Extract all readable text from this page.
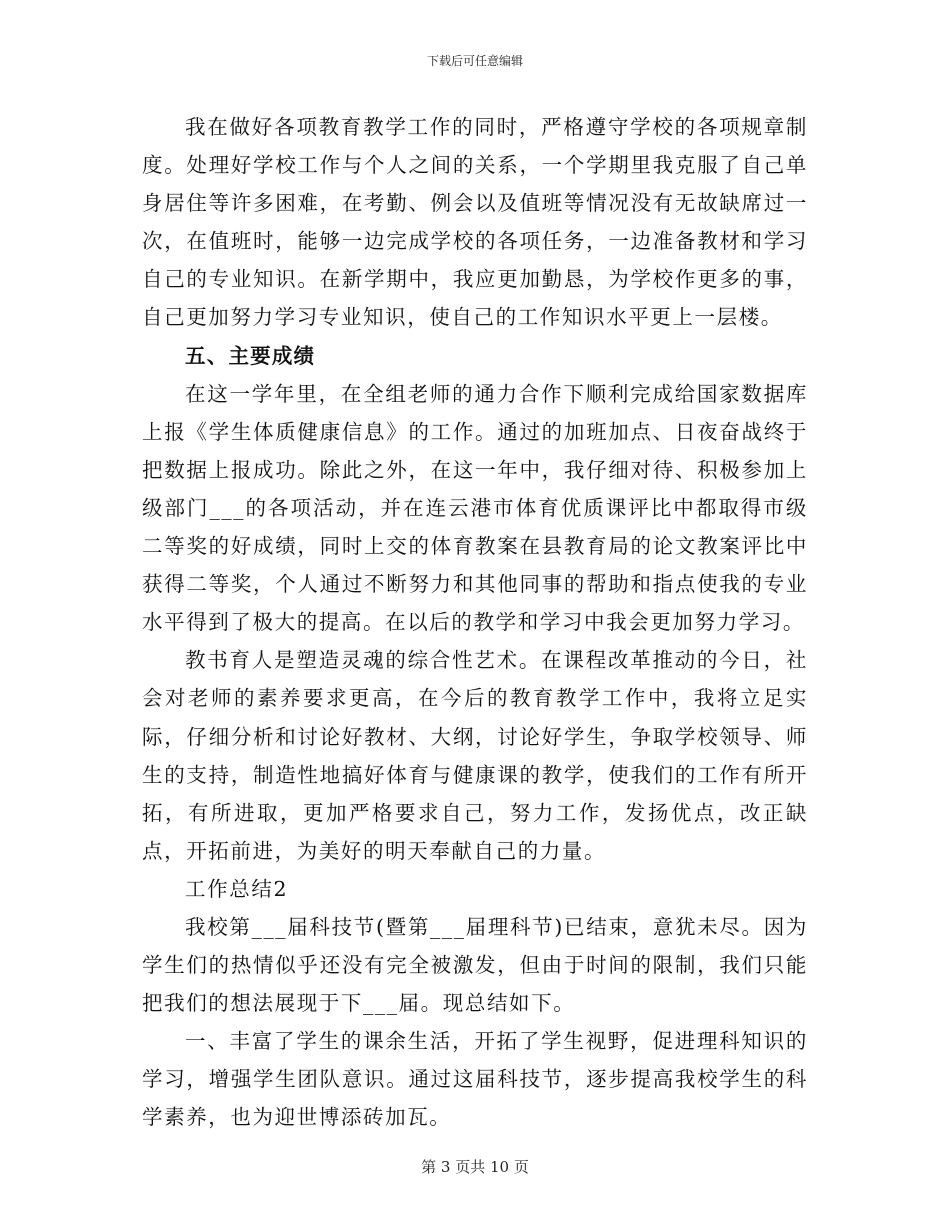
下载后可任意编辑

我在做好各项教育教学工作的同时，严格遵守学校的各项规章制度。处理好学校工作与个人之间的关系，一个学期里我克服了自己单身居住等许多困难，在考勤、例会以及值班等情况没有无故缺席过一次，在值班时，能够一边完成学校的各项任务，一边准备教材和学习自己的专业知识。在新学期中，我应更加勤恳，为学校作更多的事，自己更加努力学习专业知识，使自己的工作知识水平更上一层楼。

五、主要成绩

在这一学年里，在全组老师的通力合作下顺利完成给国家数据库上报《学生体质健康信息》的工作。通过的加班加点、日夜奋战终于把数据上报成功。除此之外，在这一年中，我仔细对待、积极参加上级部门___的各项活动，并在连云港市体育优质课评比中都取得市级二等奖的好成绩，同时上交的体育教案在县教育局的论文教案评比中获得二等奖，个人通过不断努力和其他同事的帮助和指点使我的专业水平得到了极大的提高。在以后的教学和学习中我会更加努力学习。

教书育人是塑造灵魂的综合性艺术。在课程改革推动的今日，社会对老师的素养要求更高，在今后的教育教学工作中，我将立足实际，仔细分析和讨论好教材、大纲，讨论好学生，争取学校领导、师生的支持，制造性地搞好体育与健康课的教学，使我们的工作有所开拓，有所进取，更加严格要求自己，努力工作，发扬优点，改正缺点，开拓前进，为美好的明天奉献自己的力量。

工作总结2

我校第___届科技节(暨第___届理科节)已结束，意犹未尽。因为学生们的热情似乎还没有完全被激发，但由于时间的限制，我们只能把我们的想法展现于下___届。现总结如下。

一、丰富了学生的课余生活，开拓了学生视野，促进理科知识的学习，增强学生团队意识。通过这届科技节，逐步提高我校学生的科学素养，也为迎世博添砖加瓦。

第 3 页共 10 页
